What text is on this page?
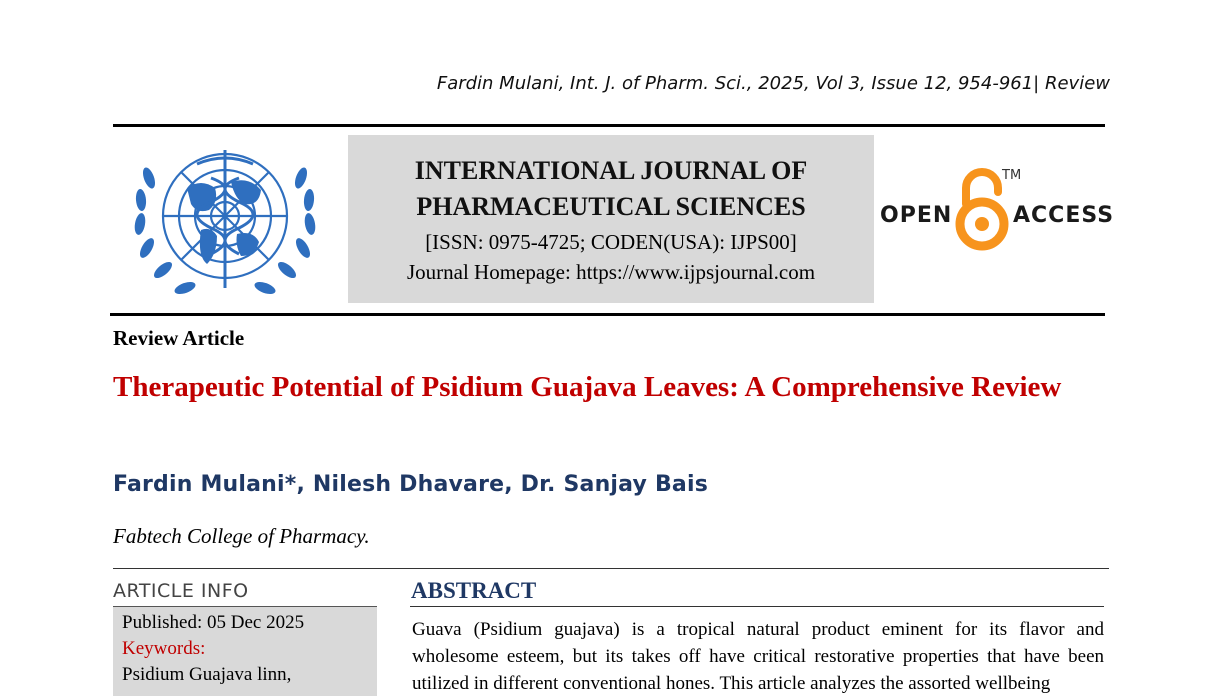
Fardin Mulani, Int. J. of Pharm. Sci., 2025, Vol 3, Issue 12, 954-961| Review
INTERNATIONAL JOURNAL OF PHARMACEUTICAL SCIENCES
[ISSN: 0975-4725; CODEN(USA): IJPS00]
Journal Homepage: https://www.ijpsjournal.com
OPEN
TM
ACCESS
Review Article
Therapeutic Potential of Psidium Guajava Leaves: A Comprehensive Review
Fardin Mulani*, Nilesh Dhavare, Dr. Sanjay Bais
Fabtech College of Pharmacy.
ARTICLE INFO
Published: 05 Dec 2025
Keywords:
Psidium Guajava linn,
ABSTRACT
Guava (Psidium guajava) is a tropical natural product eminent for its flavor and wholesome esteem, but its takes off have critical restorative properties that have been utilized in different conventional hones. This article analyzes the assorted wellbeing
